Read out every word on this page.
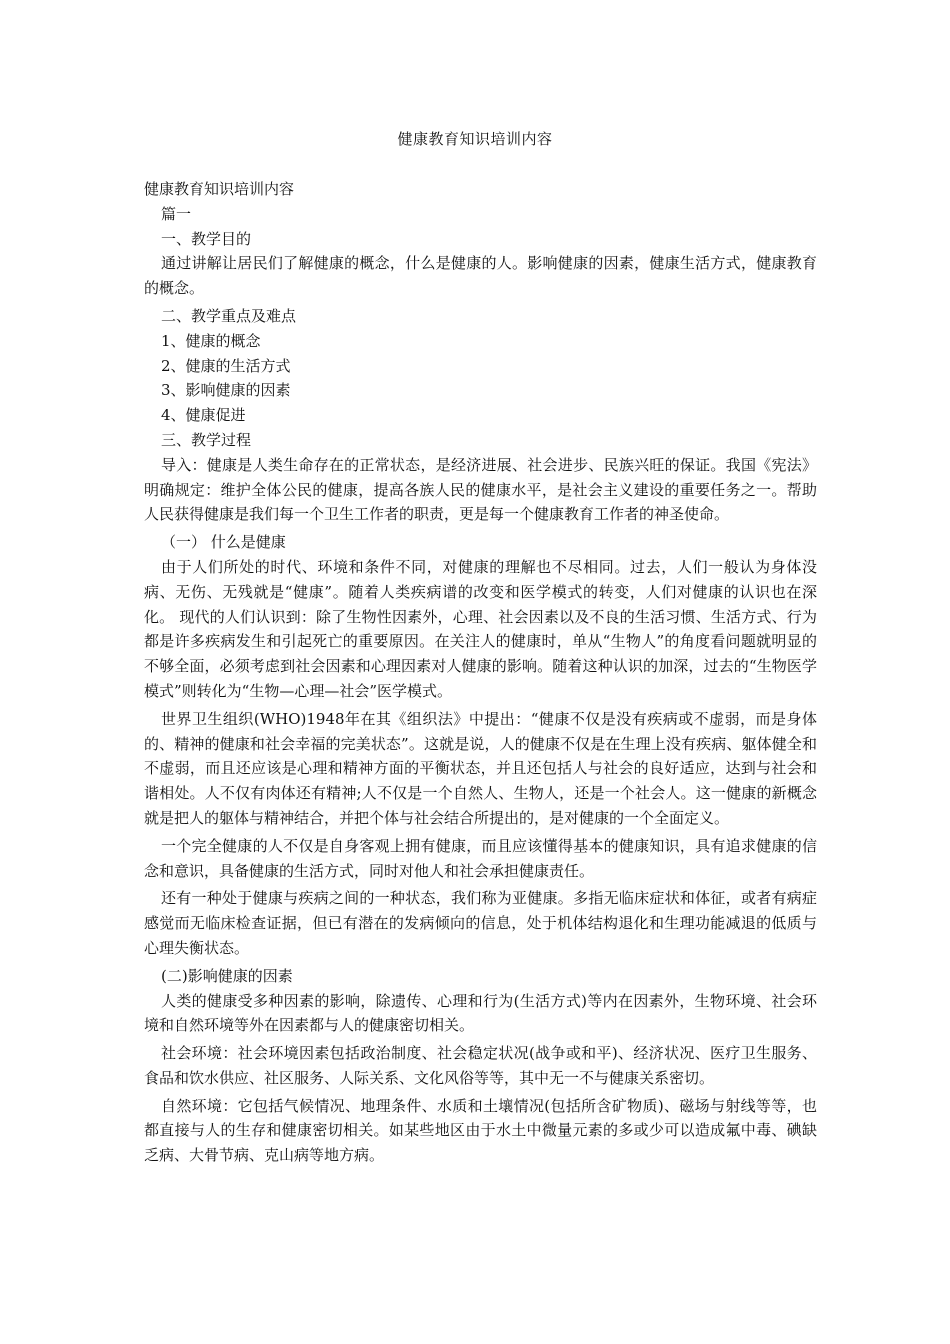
健康教育知识培训内容

健康教育知识培训内容

篇一

一、教学目的

通过讲解让居民们了解健康的概念，什么是健康的人。影响健康的因素，健康生活方式，健康教育的概念。

二、教学重点及难点

1、健康的概念

2、健康的生活方式

3、影响健康的因素

4、健康促进

三、教学过程

导入：健康是人类生命存在的正常状态，是经济进展、社会进步、民族兴旺的保证。我国《宪法》明确规定：维护全体公民的健康，提高各族人民的健康水平，是社会主义建设的重要任务之一。帮助人民获得健康是我们每一个卫生工作者的职责，更是每一个健康教育工作者的神圣使命。

（一） 什么是健康

由于人们所处的时代、环境和条件不同，对健康的理解也不尽相同。过去，人们一般认为身体没病、无伤、无残就是“健康”。随着人类疾病谱的改变和医学模式的转变，人们对健康的认识也在深化。 现代的人们认识到：除了生物性因素外，心理、社会因素以及不良的生活习惯、生活方式、行为都是许多疾病发生和引起死亡的重要原因。在关注人的健康时，单从“生物人”的角度看问题就明显的不够全面，必须考虑到社会因素和心理因素对人健康的影响。随着这种认识的加深，过去的“生物医学模式”则转化为“生物—心理—社会”医学模式。

世界卫生组织(WHO)1948年在其《组织法》中提出：“健康不仅是没有疾病或不虚弱，而是身体的、精神的健康和社会幸福的完美状态”。这就是说，人的健康不仅是在生理上没有疾病、躯体健全和不虚弱，而且还应该是心理和精神方面的平衡状态，并且还包括人与社会的良好适应，达到与社会和谐相处。人不仅有肉体还有精神;人不仅是一个自然人、生物人，还是一个社会人。这一健康的新概念就是把人的躯体与精神结合，并把个体与社会结合所提出的，是对健康的一个全面定义。

一个完全健康的人不仅是自身客观上拥有健康，而且应该懂得基本的健康知识，具有追求健康的信念和意识，具备健康的生活方式，同时对他人和社会承担健康责任。

还有一种处于健康与疾病之间的一种状态，我们称为亚健康。多指无临床症状和体征，或者有病症感觉而无临床检查证据，但已有潜在的发病倾向的信息，处于机体结构退化和生理功能减退的低质与心理失衡状态。

(二)影响健康的因素

人类的健康受多种因素的影响，除遗传、心理和行为(生活方式)等内在因素外，生物环境、社会环境和自然环境等外在因素都与人的健康密切相关。

社会环境：社会环境因素包括政治制度、社会稳定状况(战争或和平)、经济状况、医疗卫生服务、食品和饮水供应、社区服务、人际关系、文化风俗等等，其中无一不与健康关系密切。

自然环境：它包括气候情况、地理条件、水质和土壤情况(包括所含矿物质)、磁场与射线等等，也都直接与人的生存和健康密切相关。如某些地区由于水土中微量元素的多或少可以造成氟中毒、碘缺乏病、大骨节病、克山病等地方病。
